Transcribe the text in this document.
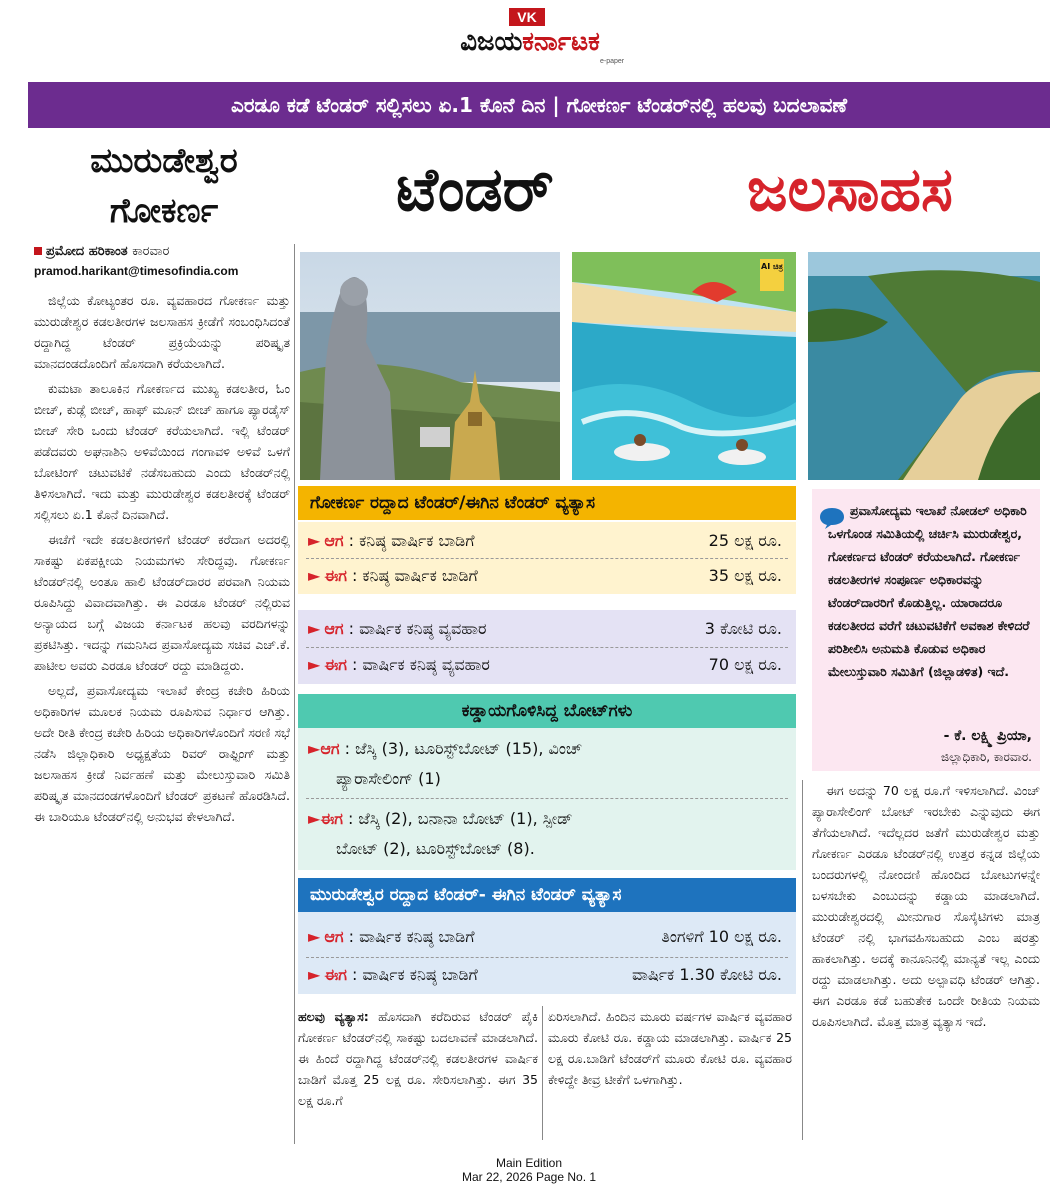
VK
ವಿಜಯಕರ್ನಾಟಕ
e-paper
ಎರಡೂ ಕಡೆ ಟೆಂಡರ್ ಸಲ್ಲಿಸಲು ಏ.1 ಕೊನೆ ದಿನ | ಗೋಕರ್ಣ ಟೆಂಡರ್‌ನಲ್ಲಿ ಹಲವು ಬದಲಾವಣೆ
ಮುರುಡೇಶ್ವರ
ಗೋಕರ್ಣ	ಟೆಂಡರ್	ಜಲಸಾಹಸ
ಪ್ರಮೋದ ಹರಿಕಾಂತ ಕಾರವಾರ
pramod.harikant@timesofindia.com

ಜಿಲ್ಲೆಯ ಕೋಟ್ಯಂತರ ರೂ. ವ್ಯವಹಾರದ ಗೋಕರ್ಣ ಮತ್ತು ಮುರುಡೇಶ್ವರ ಕಡಲತೀರಗಳ ಜಲಸಾಹಸ ಕ್ರೀಡೆಗೆ ಸಂಬಂಧಿಸಿದಂತೆ ರದ್ದಾಗಿದ್ದ ಟೆಂಡರ್ ಪ್ರಕ್ರಿಯೆಯನ್ನು ಪರಿಷ್ಕೃತ ಮಾನದಂಡದೊಂದಿಗೆ ಹೊಸದಾಗಿ ಕರೆಯಲಾಗಿದೆ.

ಕುಮಟಾ ತಾಲೂಕಿನ ಗೋಕರ್ಣದ ಮುಖ್ಯ ಕಡಲತೀರ, ಓಂ ಬೀಚ್, ಕುಡ್ಲೆ ಬೀಚ್, ಹಾಫ್ ಮೂನ್ ಬೀಚ್ ಹಾಗೂ ಪ್ಯಾರಡೈಸ್ ಬೀಚ್ ಸೇರಿ ಒಂದು ಟೆಂಡರ್ ಕರೆಯಲಾಗಿದೆ. ಇಲ್ಲಿ ಟೆಂಡರ್ ಪಡೆದವರು ಅಘನಾಶಿನಿ ಅಳಿವೆಯಿಂದ ಗಂಗಾವಳಿ ಅಳಿವೆ ಒಳಗೆ ಬೋಟಿಂಗ್ ಚಟುವಟಿಕೆ ನಡೆಸಬಹುದು ಎಂದು ಟೆಂಡರ್‌ನಲ್ಲಿ ತಿಳಿಸಲಾಗಿದೆ. ಇದು ಮತ್ತು ಮುರುಡೇಶ್ವರ ಕಡಲತೀರಕ್ಕೆ ಟೆಂಡರ್ ಸಲ್ಲಿಸಲು ಏ.1 ಕೊನೆ ದಿನವಾಗಿದೆ.

ಈಚೆಗೆ ಇದೇ ಕಡಲತೀರಗಳಿಗೆ ಟೆಂಡರ್ ಕರೆದಾಗ ಅದರಲ್ಲಿ ಸಾಕಷ್ಟು ಏಕಪಕ್ಷೀಯ ನಿಯಮಗಳು ಸೇರಿದ್ದವು. ಗೋಕರ್ಣ ಟೆಂಡರ್‌ನಲ್ಲಿ ಅಂತೂ ಹಾಲಿ ಟೆಂಡರ್‌ದಾರರ ಪರವಾಗಿ ನಿಯಮ ರೂಪಿಸಿದ್ದು ವಿವಾದವಾಗಿತ್ತು. ಈ ಎರಡೂ ಟೆಂಡರ್ ನಲ್ಲಿರುವ ಅನ್ಯಾಯದ ಬಗ್ಗೆ ವಿಜಯ ಕರ್ನಾಟಕ ಹಲವು ವರದಿಗಳನ್ನು ಪ್ರಕಟಿಸಿತ್ತು. ಇದನ್ನು ಗಮನಿಸಿದ ಪ್ರವಾಸೋದ್ಯಮ ಸಚಿವ ಎಚ್.ಕೆ. ಪಾಟೀಲ ಅವರು ಎರಡೂ ಟೆಂಡರ್ ರದ್ದು ಮಾಡಿದ್ದರು.

ಅಲ್ಲದೆ, ಪ್ರವಾಸೋದ್ಯಮ ಇಲಾಖೆ ಕೇಂದ್ರ ಕಚೇರಿ ಹಿರಿಯ ಅಧಿಕಾರಿಗಳ ಮೂಲಕ ನಿಯಮ ರೂಪಿಸುವ ನಿರ್ಧಾರ ಆಗಿತ್ತು. ಅದೇ ರೀತಿ ಕೇಂದ್ರ ಕಚೇರಿ ಹಿರಿಯ ಅಧಿಕಾರಿಗಳೊಂದಿಗೆ ಸರಣಿ ಸಭೆ ನಡೆಸಿ ಜಿಲ್ಲಾಧಿಕಾರಿ ಅಧ್ಯಕ್ಷತೆಯ ರಿವರ್ ರಾಫ್ಟಿಂಗ್ ಮತ್ತು ಜಲಸಾಹಸ ಕ್ರೀಡೆ ನಿರ್ವಹಣೆ ಮತ್ತು ಮೇಲುಸ್ತುವಾರಿ ಸಮಿತಿ ಪರಿಷ್ಕೃತ ಮಾನದಂಡಗಳೊಂದಿಗೆ ಟೆಂಡರ್ ಪ್ರಕಟಣೆ ಹೊರಡಿಸಿದೆ. ಈ ಬಾರಿಯೂ ಟೆಂಡರ್‌ನಲ್ಲಿ ಅನುಭವ ಕೇಳಲಾಗಿದೆ.

AI ಚಿತ್ರ
ಗೋಕರ್ಣ ರದ್ದಾದ ಟೆಂಡರ್/ಈಗಿನ ಟೆಂಡರ್ ವ್ಯತ್ಯಾಸ
► ಆಗ : ಕನಿಷ್ಠ ವಾರ್ಷಿಕ ಬಾಡಿಗೆ	25 ಲಕ್ಷ ರೂ.
► ಈಗ : ಕನಿಷ್ಠ ವಾರ್ಷಿಕ ಬಾಡಿಗೆ	35 ಲಕ್ಷ ರೂ.
► ಆಗ : ವಾರ್ಷಿಕ ಕನಿಷ್ಠ ವ್ಯವಹಾರ	3 ಕೋಟಿ ರೂ.
► ಈಗ : ವಾರ್ಷಿಕ ಕನಿಷ್ಠ ವ್ಯವಹಾರ	70 ಲಕ್ಷ ರೂ.
ಕಡ್ಡಾಯಗೊಳಿಸಿದ್ದ ಬೋಟ್‌ಗಳು
►ಆಗ : ಜೆಸ್ಕಿ (3), ಟೂರಿಸ್ಟ್‌ಬೋಟ್ (15), ವಿಂಚ್
ಪ್ಯಾರಾಸೇಲಿಂಗ್ (1)
►ಈಗ : ಜೆಸ್ಕಿ (2), ಬನಾನಾ ಬೋಟ್ (1), ಸ್ಪೀಡ್
ಬೋಟ್ (2), ಟೂರಿಸ್ಟ್‌ಬೋಟ್ (8).
ಮುರುಡೇಶ್ವರ ರದ್ದಾದ ಟೆಂಡರ್- ಈಗಿನ ಟೆಂಡರ್ ವ್ಯತ್ಯಾಸ
► ಆಗ : ವಾರ್ಷಿಕ ಕನಿಷ್ಠ ಬಾಡಿಗೆ	ತಿಂಗಳಿಗೆ 10 ಲಕ್ಷ ರೂ.
► ಈಗ : ವಾರ್ಷಿಕ ಕನಿಷ್ಠ ಬಾಡಿಗೆ	ವಾರ್ಷಿಕ 1.30 ಕೋಟಿ ರೂ.
ಪ್ರವಾಸೋದ್ಯಮ ಇಲಾಖೆ ನೋಡಲ್ ಅಧಿಕಾರಿ ಒಳಗೊಂಡ ಸಮಿತಿಯಲ್ಲಿ ಚರ್ಚಿಸಿ ಮುರುಡೇಶ್ವರ, ಗೋಕರ್ಣದ ಟೆಂಡರ್ ಕರೆಯಲಾಗಿದೆ. ಗೋಕರ್ಣ ಕಡಲತೀರಗಳ ಸಂಪೂರ್ಣ ಅಧಿಕಾರವನ್ನು ಟೆಂಡರ್‌ದಾರರಿಗೆ ಕೊಡುತ್ತಿಲ್ಲ. ಯಾರಾದರೂ ಕಡಲತೀರದ ವರೆಗೆ ಚಟುವಟಿಕೆಗೆ ಅವಕಾಶ ಕೇಳಿದರೆ ಪರಿಶೀಲಿಸಿ ಅನುಮತಿ ಕೊಡುವ ಅಧಿಕಾರ ಮೇಲುಸ್ತುವಾರಿ ಸಮಿತಿಗೆ (ಜಿಲ್ಲಾಡಳಿತ) ಇದೆ.
- ಕೆ. ಲಕ್ಷ್ಮಿ ಪ್ರಿಯಾ,
ಜಿಲ್ಲಾಧಿಕಾರಿ, ಕಾರವಾರ.
ಈಗ ಅದನ್ನು 70 ಲಕ್ಷ ರೂ.ಗೆ ಇಳಿಸಲಾಗಿದೆ. ವಿಂಚ್ ಪ್ಯಾರಾಸೇಲಿಂಗ್ ಬೋಟ್ ಇರಬೇಕು ಎನ್ನುವುದು ಈಗ ತೆಗೆಯಲಾಗಿದೆ. ಇದೆಲ್ಲದರ ಜತೆಗೆ ಮುರುಡೇಶ್ವರ ಮತ್ತು ಗೋಕರ್ಣ ಎರಡೂ ಟೆಂಡರ್‌ನಲ್ಲಿ ಉತ್ತರ ಕನ್ನಡ ಜಿಲ್ಲೆಯ ಬಂದರುಗಳಲ್ಲಿ ನೋಂದಣಿ ಹೊಂದಿದ ಬೋಟುಗಳನ್ನೇ ಬಳಸಬೇಕು ಎಂಬುದನ್ನು ಕಡ್ಡಾಯ ಮಾಡಲಾಗಿದೆ. ಮುರುಡೇಶ್ವರದಲ್ಲಿ ಮೀನುಗಾರ ಸೊಸೈಟಿಗಳು ಮಾತ್ರ ಟೆಂಡರ್ ನಲ್ಲಿ ಭಾಗವಹಿಸಬಹುದು ಎಂಬ ಷರತ್ತು ಹಾಕಲಾಗಿತ್ತು. ಅದಕ್ಕೆ ಕಾನೂನಿನಲ್ಲಿ ಮಾನ್ಯತೆ ಇಲ್ಲ ಎಂದು ರದ್ದು ಮಾಡಲಾಗಿತ್ತು. ಅದು ಅಲ್ಪಾವಧಿ ಟೆಂಡರ್ ಆಗಿತ್ತು. ಈಗ ಎರಡೂ ಕಡೆ ಬಹುತೇಕ ಒಂದೇ ರೀತಿಯ ನಿಯಮ ರೂಪಿಸಲಾಗಿದೆ. ಮೊತ್ತ ಮಾತ್ರ ವ್ಯತ್ಯಾಸ ಇದೆ.
ಹಲವು ವ್ಯತ್ಯಾಸ: ಹೊಸದಾಗಿ ಕರೆದಿರುವ ಟೆಂಡರ್ ಪೈಕಿ ಗೋಕರ್ಣ ಟೆಂಡರ್‌ನಲ್ಲಿ ಸಾಕಷ್ಟು ಬದಲಾವಣೆ ಮಾಡಲಾಗಿದೆ. ಈ ಹಿಂದೆ ರದ್ದಾಗಿದ್ದ ಟೆಂಡರ್‌ನಲ್ಲಿ ಕಡಲತೀರಗಳ ವಾರ್ಷಿಕ ಬಾಡಿಗೆ ಮೊತ್ತ 25 ಲಕ್ಷ ರೂ. ಸೇರಿಸಲಾಗಿತ್ತು. ಈಗ 35 ಲಕ್ಷ ರೂ.ಗೆ
ಏರಿಸಲಾಗಿದೆ. ಹಿಂದಿನ ಮೂರು ವರ್ಷಗಳ ವಾರ್ಷಿಕ ವ್ಯವಹಾರ ಮೂರು ಕೋಟಿ ರೂ. ಕಡ್ಡಾಯ ಮಾಡಲಾಗಿತ್ತು. ವಾರ್ಷಿಕ 25 ಲಕ್ಷ ರೂ.ಬಾಡಿಗೆ ಟೆಂಡರ್‌ಗೆ ಮೂರು ಕೋಟಿ ರೂ. ವ್ಯವಹಾರ ಕೇಳಿದ್ದೇ ತೀವ್ರ ಟೀಕೆಗೆ ಒಳಗಾಗಿತ್ತು.
Main Edition
Mar 22, 2026 Page No. 1
